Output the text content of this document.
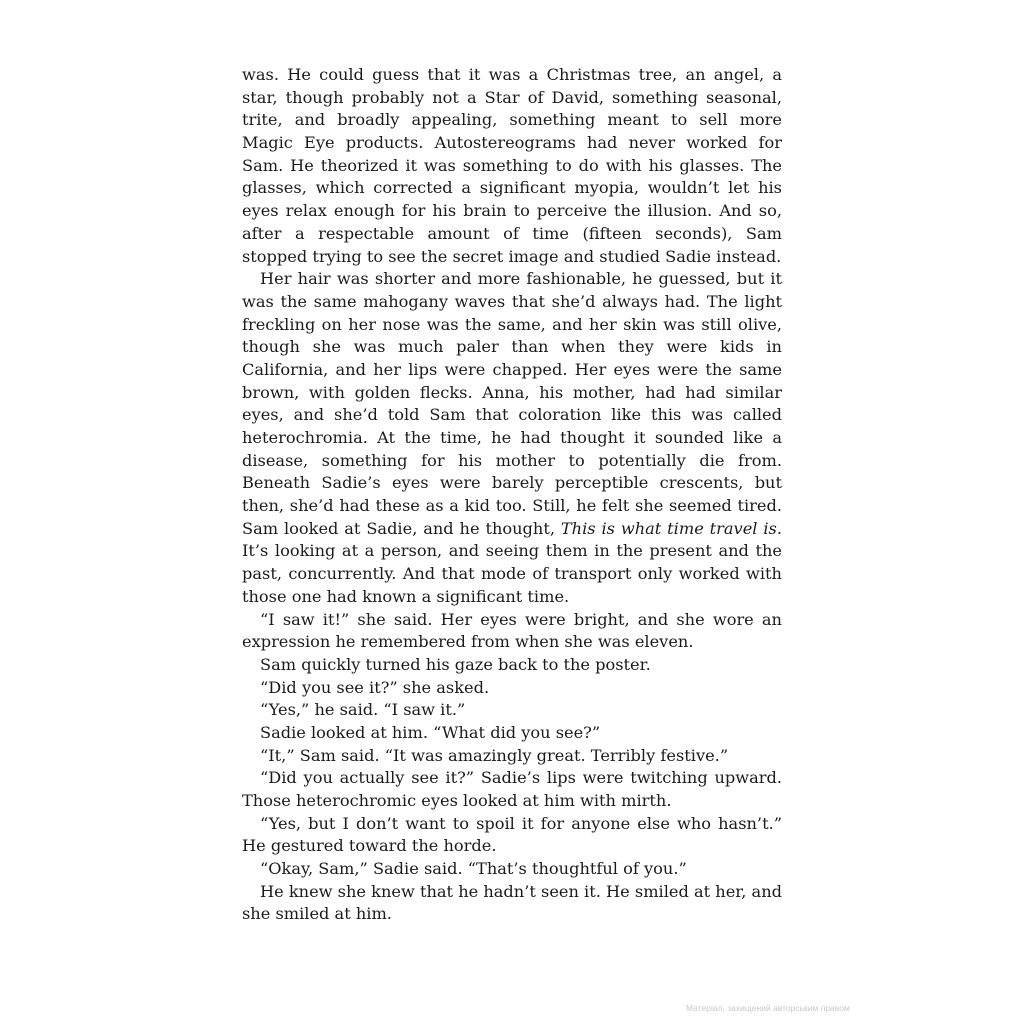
was. He could guess that it was a Christmas tree, an angel, a star, though probably not a Star of David, something seasonal, trite, and broadly appealing, something meant to sell more Magic Eye products. Autostereograms had never worked for Sam. He theorized it was something to do with his glasses. The glasses, which corrected a significant myopia, wouldn’t let his eyes relax enough for his brain to perceive the illusion. And so, after a respectable amount of time (fifteen seconds), Sam stopped trying to see the secret image and studied Sadie instead.

Her hair was shorter and more fashionable, he guessed, but it was the same mahogany waves that she’d always had. The light freckling on her nose was the same, and her skin was still olive, though she was much paler than when they were kids in California, and her lips were chapped. Her eyes were the same brown, with golden flecks. Anna, his mother, had had similar eyes, and she’d told Sam that coloration like this was called heterochromia. At the time, he had thought it sounded like a disease, something for his mother to potentially die from. Beneath Sadie’s eyes were barely perceptible crescents, but then, she’d had these as a kid too. Still, he felt she seemed tired. Sam looked at Sadie, and he thought, This is what time travel is. It’s looking at a person, and seeing them in the present and the past, concurrently. And that mode of transport only worked with those one had known a significant time.

“I saw it!” she said. Her eyes were bright, and she wore an expression he remembered from when she was eleven.

Sam quickly turned his gaze back to the poster.

“Did you see it?” she asked.

“Yes,” he said. “I saw it.”

Sadie looked at him. “What did you see?”

“It,” Sam said. “It was amazingly great. Terribly festive.”

“Did you actually see it?” Sadie’s lips were twitching upward. Those heterochromic eyes looked at him with mirth.

“Yes, but I don’t want to spoil it for anyone else who hasn’t.” He gestured toward the horde.

“Okay, Sam,” Sadie said. “That’s thoughtful of you.”

He knew she knew that he hadn’t seen it. He smiled at her, and she smiled at him.

Матеріал, захищений авторським правом
